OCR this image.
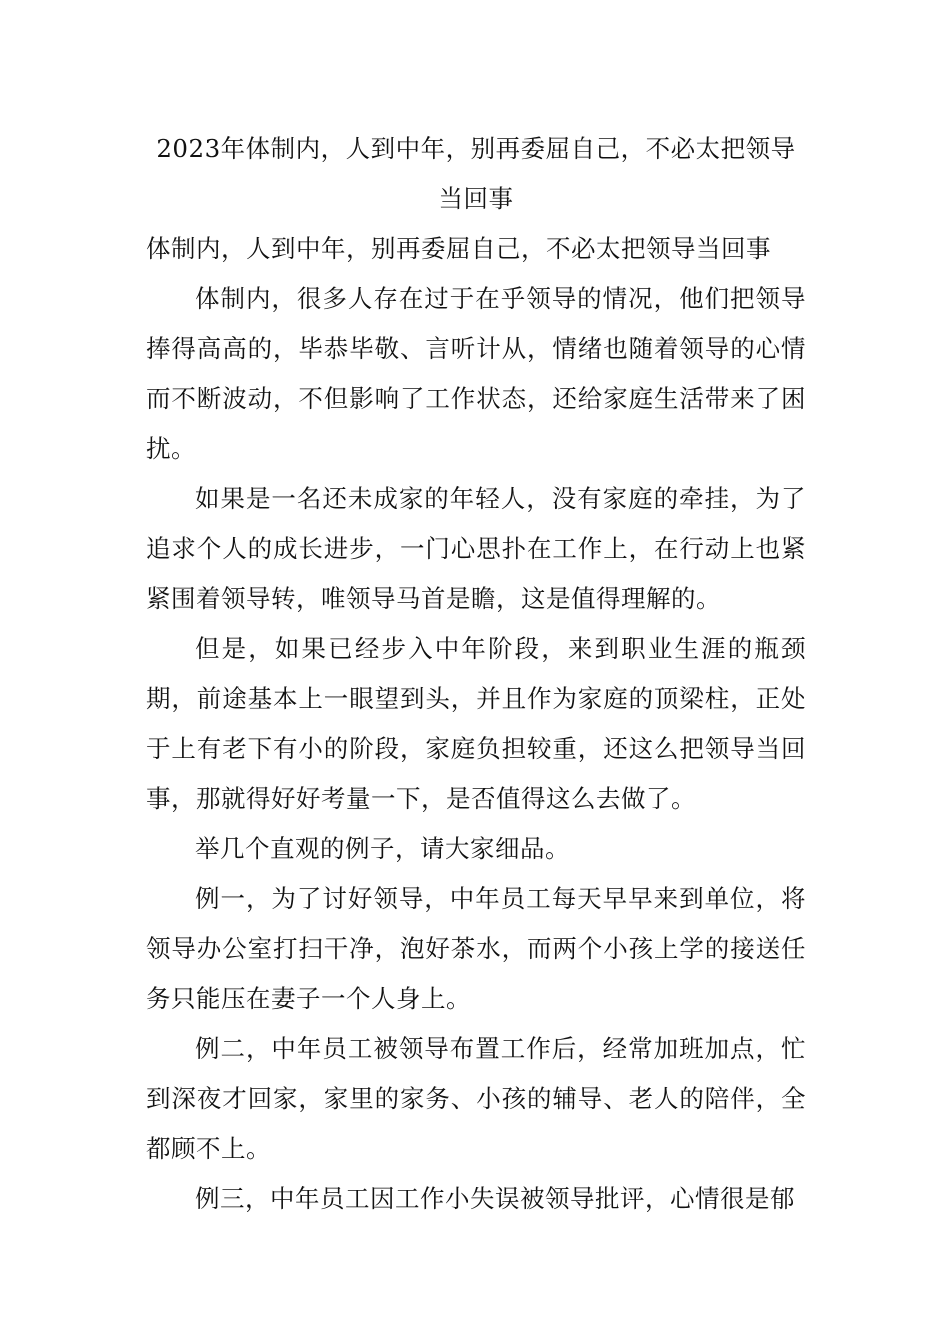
2023年体制内，人到中年，别再委屈自己，不必太把领导当回事

体制内，人到中年，别再委屈自己，不必太把领导当回事

体制内，很多人存在过于在乎领导的情况，他们把领导捧得高高的，毕恭毕敬、言听计从，情绪也随着领导的心情而不断波动，不但影响了工作状态，还给家庭生活带来了困扰。

如果是一名还未成家的年轻人，没有家庭的牵挂，为了追求个人的成长进步，一门心思扑在工作上，在行动上也紧紧围着领导转，唯领导马首是瞻，这是值得理解的。

但是，如果已经步入中年阶段，来到职业生涯的瓶颈期，前途基本上一眼望到头，并且作为家庭的顶梁柱，正处于上有老下有小的阶段，家庭负担较重，还这么把领导当回事，那就得好好考量一下，是否值得这么去做了。

举几个直观的例子，请大家细品。

例一，为了讨好领导，中年员工每天早早来到单位，将领导办公室打扫干净，泡好茶水，而两个小孩上学的接送任务只能压在妻子一个人身上。

例二，中年员工被领导布置工作后，经常加班加点，忙到深夜才回家，家里的家务、小孩的辅导、老人的陪伴，全都顾不上。

例三，中年员工因工作小失误被领导批评，心情很是郁
